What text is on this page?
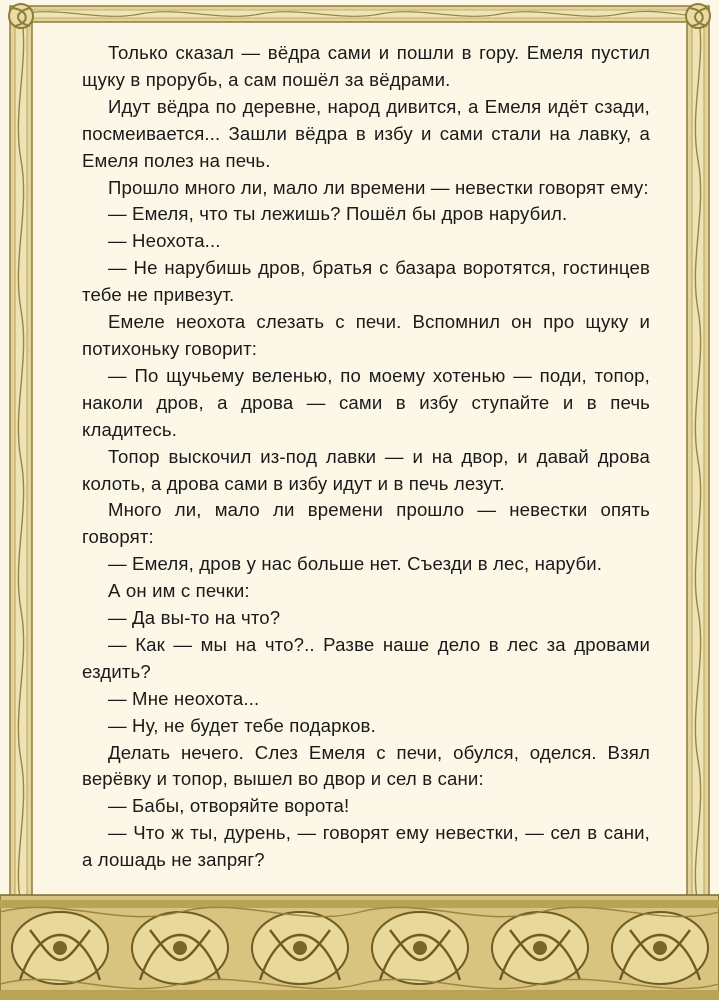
Только сказал — вёдра сами и пошли в гору. Емеля пустил щуку в прорубь, а сам пошёл за вёдрами.

Идут вёдра по деревне, народ дивится, а Емеля идёт сзади, посмеивается... Зашли вёдра в избу и сами стали на лавку, а Емеля полез на печь.

Прошло много ли, мало ли времени — невестки говорят ему:

— Емеля, что ты лежишь? Пошёл бы дров нарубил.

— Неохота...

— Не нарубишь дров, братья с базара воротятся, гостинцев тебе не привезут.

Емеле неохота слезать с печи. Вспомнил он про щуку и потихоньку говорит:

— По щучьему веленью, по моему хотенью — поди, топор, наколи дров, а дрова — сами в избу ступайте и в печь кладитесь.

Топор выскочил из-под лавки — и на двор, и давай дрова колоть, а дрова сами в избу идут и в печь лезут.

Много ли, мало ли времени прошло — невестки опять говорят:

— Емеля, дров у нас больше нет. Съезди в лес, наруби.

А он им с печки:

— Да вы-то на что?

— Как — мы на что?.. Разве наше дело в лес за дровами ездить?

— Мне неохота...

— Ну, не будет тебе подарков.

Делать нечего. Слез Емеля с печи, обулся, оделся. Взял верёвку и топор, вышел во двор и сел в сани:

— Бабы, отворяйте ворота!

— Что ж ты, дурень, — говорят ему невестки, — сел в сани, а лошадь не запряг?
